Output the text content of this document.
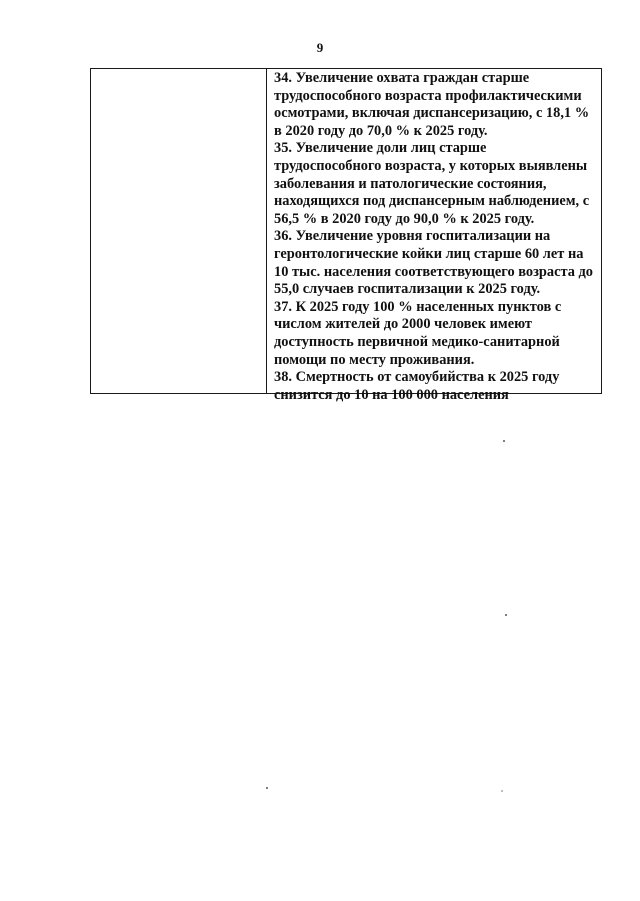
9

34. Увеличение охвата граждан старше
трудоспособного возраста профилактическими
осмотрами, включая диспансеризацию, с 18,1 %
в 2020 году до 70,0 % к 2025 году.

35. Увеличение доли лиц старше
трудоспособного возраста, у которых выявлены
заболевания и патологические состояния,
находящихся под диспансерным наблюдением, с
56,5 % в 2020 году до 90,0 % к 2025 году.

36. Увеличение уровня госпитализации на
геронтологические койки лиц старше 60 лет на
10 тыс. населения соответствующего возраста до
55,0 случаев госпитализации к 2025 году.

37. К 2025 году 100 % населенных пунктов с
числом жителей до 2000 человек имеют
доступность первичной медико-санитарной
помощи по месту проживания.

38. Смертность от самоубийства к 2025 году
снизится до 10 на 100 000 населения
